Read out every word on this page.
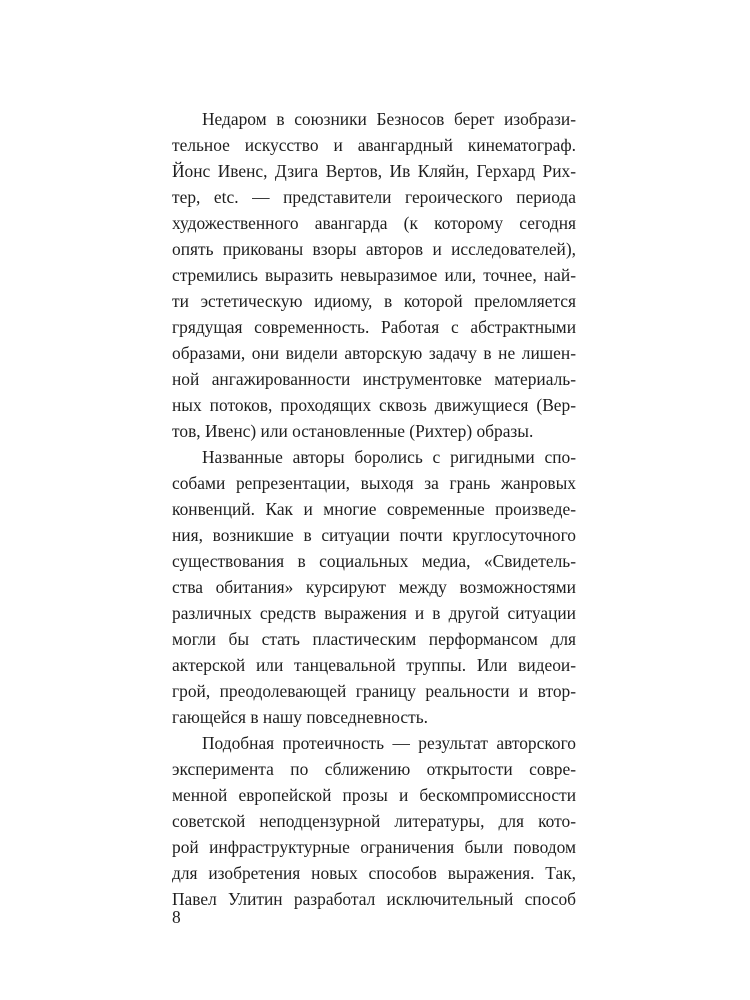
Недаром в союзники Безносов берет изобрази-
тельное искусство и авангардный кинематограф.
Йонс Ивенс, Дзига Вертов, Ив Кляйн, Герхард Рих-
тер, etc. — представители героического периода
художественного авангарда (к которому сегодня
опять прикованы взоры авторов и исследователей),
стремились выразить невыразимое или, точнее, най-
ти эстетическую идиому, в которой преломляется
грядущая современность. Работая с абстрактными
образами, они видели авторскую задачу в не лишен-
ной ангажированности инструментовке материаль-
ных потоков, проходящих сквозь движущиеся (Вер-
тов, Ивенс) или остановленные (Рихтер) образы.
Названные авторы боролись с ригидными спо-
собами репрезентации, выходя за грань жанровых
конвенций. Как и многие современные произведе-
ния, возникшие в ситуации почти круглосуточного
существования в социальных медиа, «Свидетель-
ства обитания» курсируют между возможностями
различных средств выражения и в другой ситуации
могли бы стать пластическим перформансом для
актерской или танцевальной труппы. Или видеои-
грой, преодолевающей границу реальности и втор-
гающейся в нашу повседневность.
Подобная протеичность — результат авторского
эксперимента по сближению открытости совре-
менной европейской прозы и бескомпромиссности
советской неподцензурной литературы, для кото-
рой инфраструктурные ограничения были поводом
для изобретения новых способов выражения. Так,
Павел Улитин разработал исключительный способ
8
